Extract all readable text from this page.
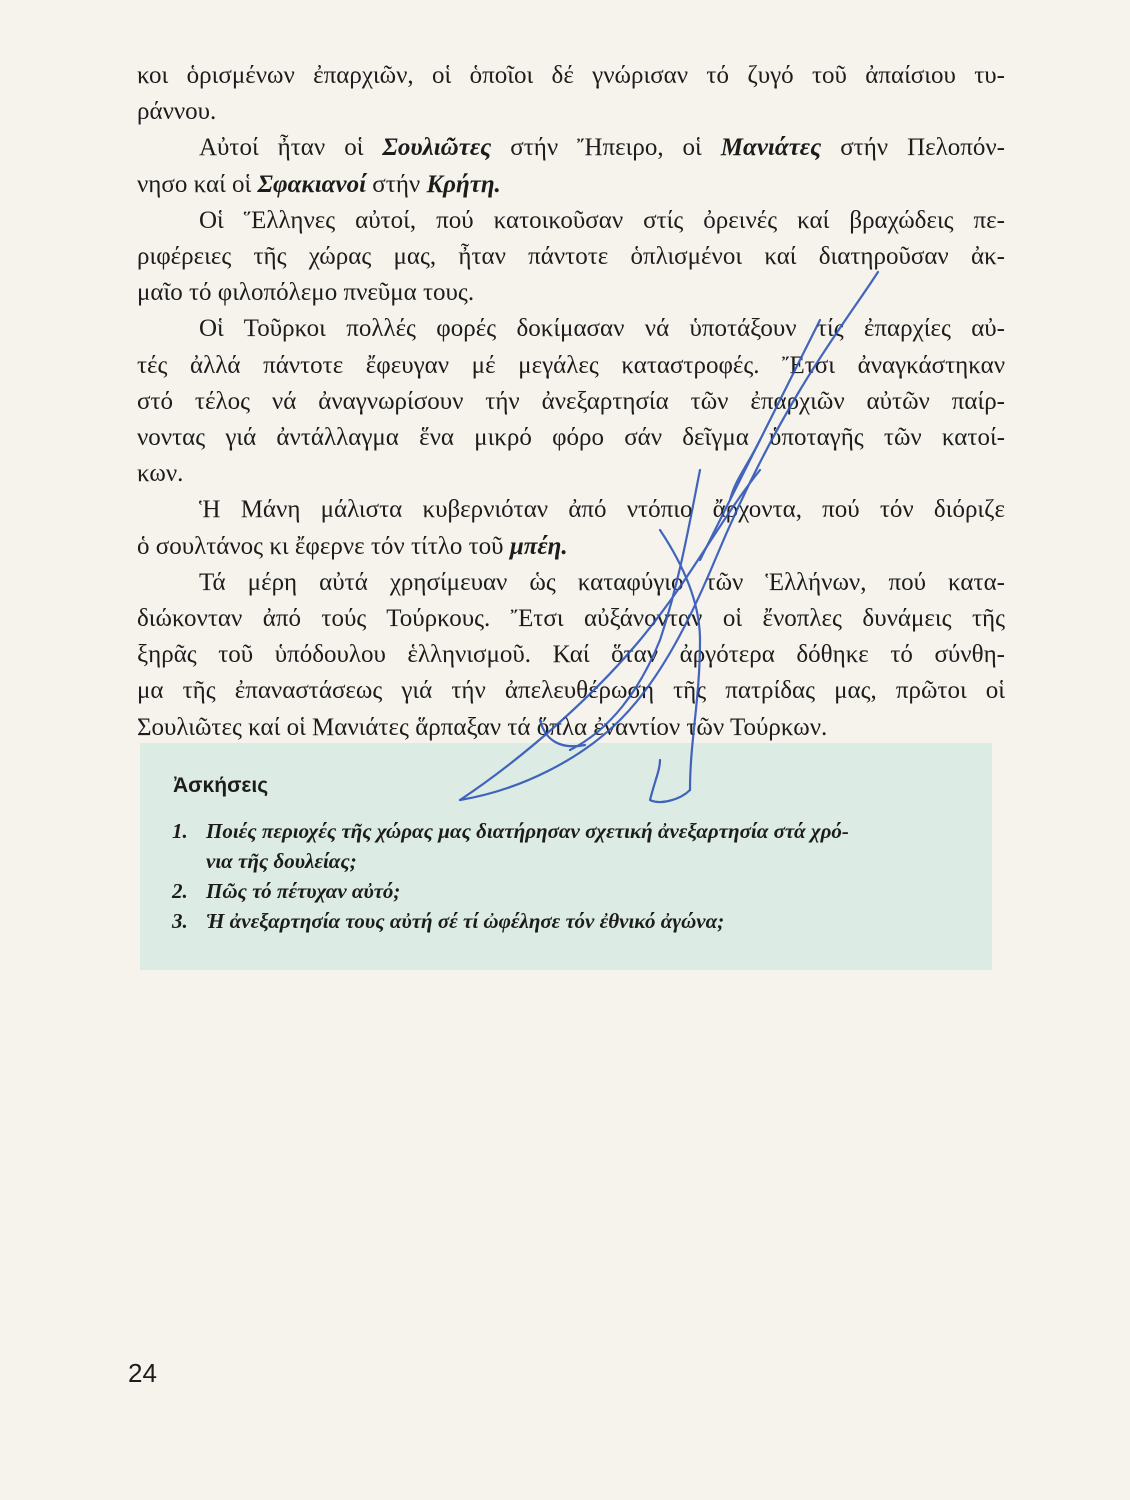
κοι ὁρισμένων ἐπαρχιῶν, οἱ ὁποῖοι δέ γνώρισαν τό ζυγό τοῦ ἀπαίσιου τυ-
ράννου.
Αὐτοί ἦταν οἱ Σουλιῶτες στήν Ἤπειρο, οἱ Μανιάτες στήν Πελοπόν-
νησο καί οἱ Σφακιανοί στήν Κρήτη.
Οἱ Ἕλληνες αὐτοί, πού κατοικοῦσαν στίς ὀρεινές καί βραχώδεις πε-
ριφέρειες τῆς χώρας μας, ἦταν πάντοτε ὁπλισμένοι καί διατηροῦσαν ἀκ-
μαῖο τό φιλοπόλεμο πνεῦμα τους.
Οἱ Τοῦρκοι πολλές φορές δοκίμασαν νά ὑποτάξουν τίς ἐπαρχίες αὐ-
τές ἀλλά πάντοτε ἔφευγαν μέ μεγάλες καταστροφές. Ἔτσι ἀναγκάστηκαν
στό τέλος νά ἀναγνωρίσουν τήν ἀνεξαρτησία τῶν ἐπαρχιῶν αὐτῶν παίρ-
νοντας γιά ἀντάλλαγμα ἕνα μικρό φόρο σάν δεῖγμα ὑποταγῆς τῶν κατοί-
κων.
Ἡ Μάνη μάλιστα κυβερνιόταν ἀπό ντόπιο ἄρχοντα, πού τόν διόριζε
ὁ σουλτάνος κι ἔφερνε τόν τίτλο τοῦ μπέη.
Τά μέρη αὐτά χρησίμευαν ὡς καταφύγιο τῶν Ἑλλήνων, πού κατα-
διώκονταν ἀπό τούς Τούρκους. Ἔτσι αὐξάνονταν οἱ ἔνοπλες δυνάμεις τῆς
ξηρᾶς τοῦ ὑπόδουλου ἑλληνισμοῦ. Καί ὅταν ἀργότερα δόθηκε τό σύνθη-
μα τῆς ἐπαναστάσεως γιά τήν ἀπελευθέρωση τῆς πατρίδας μας, πρῶτοι οἱ
Σουλιῶτες καί οἱ Μανιάτες ἅρπαξαν τά ὅπλα ἐναντίον τῶν Τούρκων.
Ἀσκήσεις
1. Ποιές περιοχές τῆς χώρας μας διατήρησαν σχετική ἀνεξαρτησία στά χρό-
νια τῆς δουλείας;
2. Πῶς τό πέτυχαν αὐτό;
3. Ἡ ἀνεξαρτησία τους αὐτή σέ τί ὠφέλησε τόν ἐθνικό ἀγώνα;
24
